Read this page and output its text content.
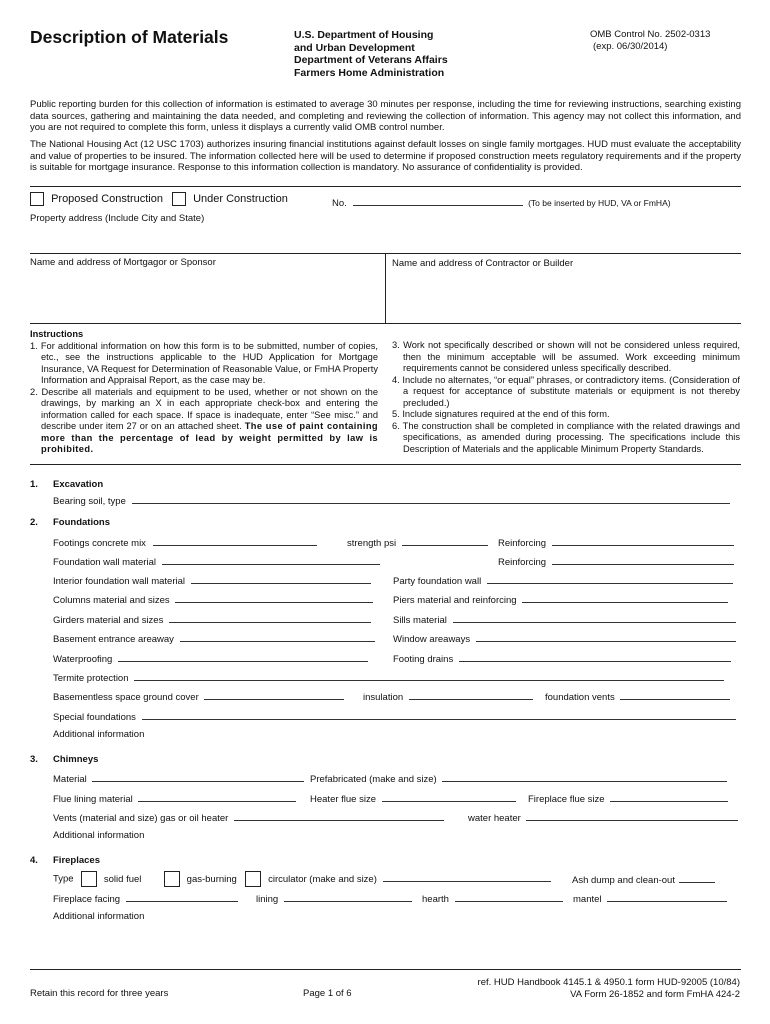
Description of Materials	U.S. Department of Housing
and Urban Development
Department of Veterans Affairs
Farmers Home Administration
OMB Control No. 2502-0313
(exp. 06/30/2014)
Public reporting burden for this collection of information is estimated to average 30 minutes per response, including the time for reviewing instructions, searching existing data sources, gathering and maintaining the data needed, and completing and reviewing the collection of information. This agency may not collect this information, and you are not required to complete this form, unless it displays a currently valid OMB control number.
The National Housing Act (12 USC 1703) authorizes insuring financial institutions against default losses on single family mortgages. HUD must evaluate the acceptability and value of properties to be insured. The information collected here will be used to determine if proposed construction meets regulatory requirements and if the property is suitable for mortgage insurance. Response to this information collection is mandatory. No assurance of confidentiality is provided.
Proposed Construction	Under Construction	No.	(To be inserted by HUD, VA or FmHA)
Property address (Include City and State)
Name and address of Mortgagor or Sponsor	Name and address of Contractor or Builder
Instructions
1. For additional information on how this form is to be submitted, number of copies, etc., see the instructions applicable to the HUD Application for Mortgage Insurance, VA Request for Determination of Reasonable Value, or FmHA Property Information and Appraisal Report, as the case may be.
2. Describe all materials and equipment to be used, whether or not shown on the drawings, by marking an X in each appropriate check-box and entering the information called for each space. If space is inadequate, enter “See misc.” and describe under item 27 or on an attached sheet. The use of paint containing more than the percentage of lead by weight permitted by law is prohibited.
3. Work not specifically described or shown will not be considered unless required, then the minimum acceptable will be assumed. Work exceeding minimum requirements cannot be considered unless specifically described.
4. Include no alternates, “or equal” phrases, or contradictory items. (Consideration of a request for acceptance of substitute materials or equipment is not thereby precluded.)
5. Include signatures required at the end of this form.
6. The construction shall be completed in compliance with the related drawings and specifications, as amended during processing. The specifications include this Description of Materials and the applicable Minimum Property Standards.
1. Excavation
Bearing soil, type
2. Foundations
Footings concrete mix	strength psi	Reinforcing
Foundation wall material	Reinforcing
Interior foundation wall material	Party foundation wall
Columns material and sizes	Piers material and reinforcing
Girders material and sizes	Sills material
Basement entrance areaway	Window areaways
Waterproofing	Footing drains
Termite protection
Basementless space ground cover	insulation	foundation vents
Special foundations
Additional information
3. Chimneys
Material	Prefabricated (make and size)
Flue lining material	Heater flue size	Fireplace flue size
Vents (material and size) gas or oil heater	water heater
Additional information
4. Fireplaces
Type	solid fuel	gas-burning	circulator (make and size)	Ash dump and clean-out
Fireplace facing	lining	hearth	mantel
Additional information
Retain this record for three years	Page 1 of 6
ref. HUD Handbook 4145.1 & 4950.1 form HUD-92005 (10/84)
VA Form 26-1852 and form FmHA 424-2
